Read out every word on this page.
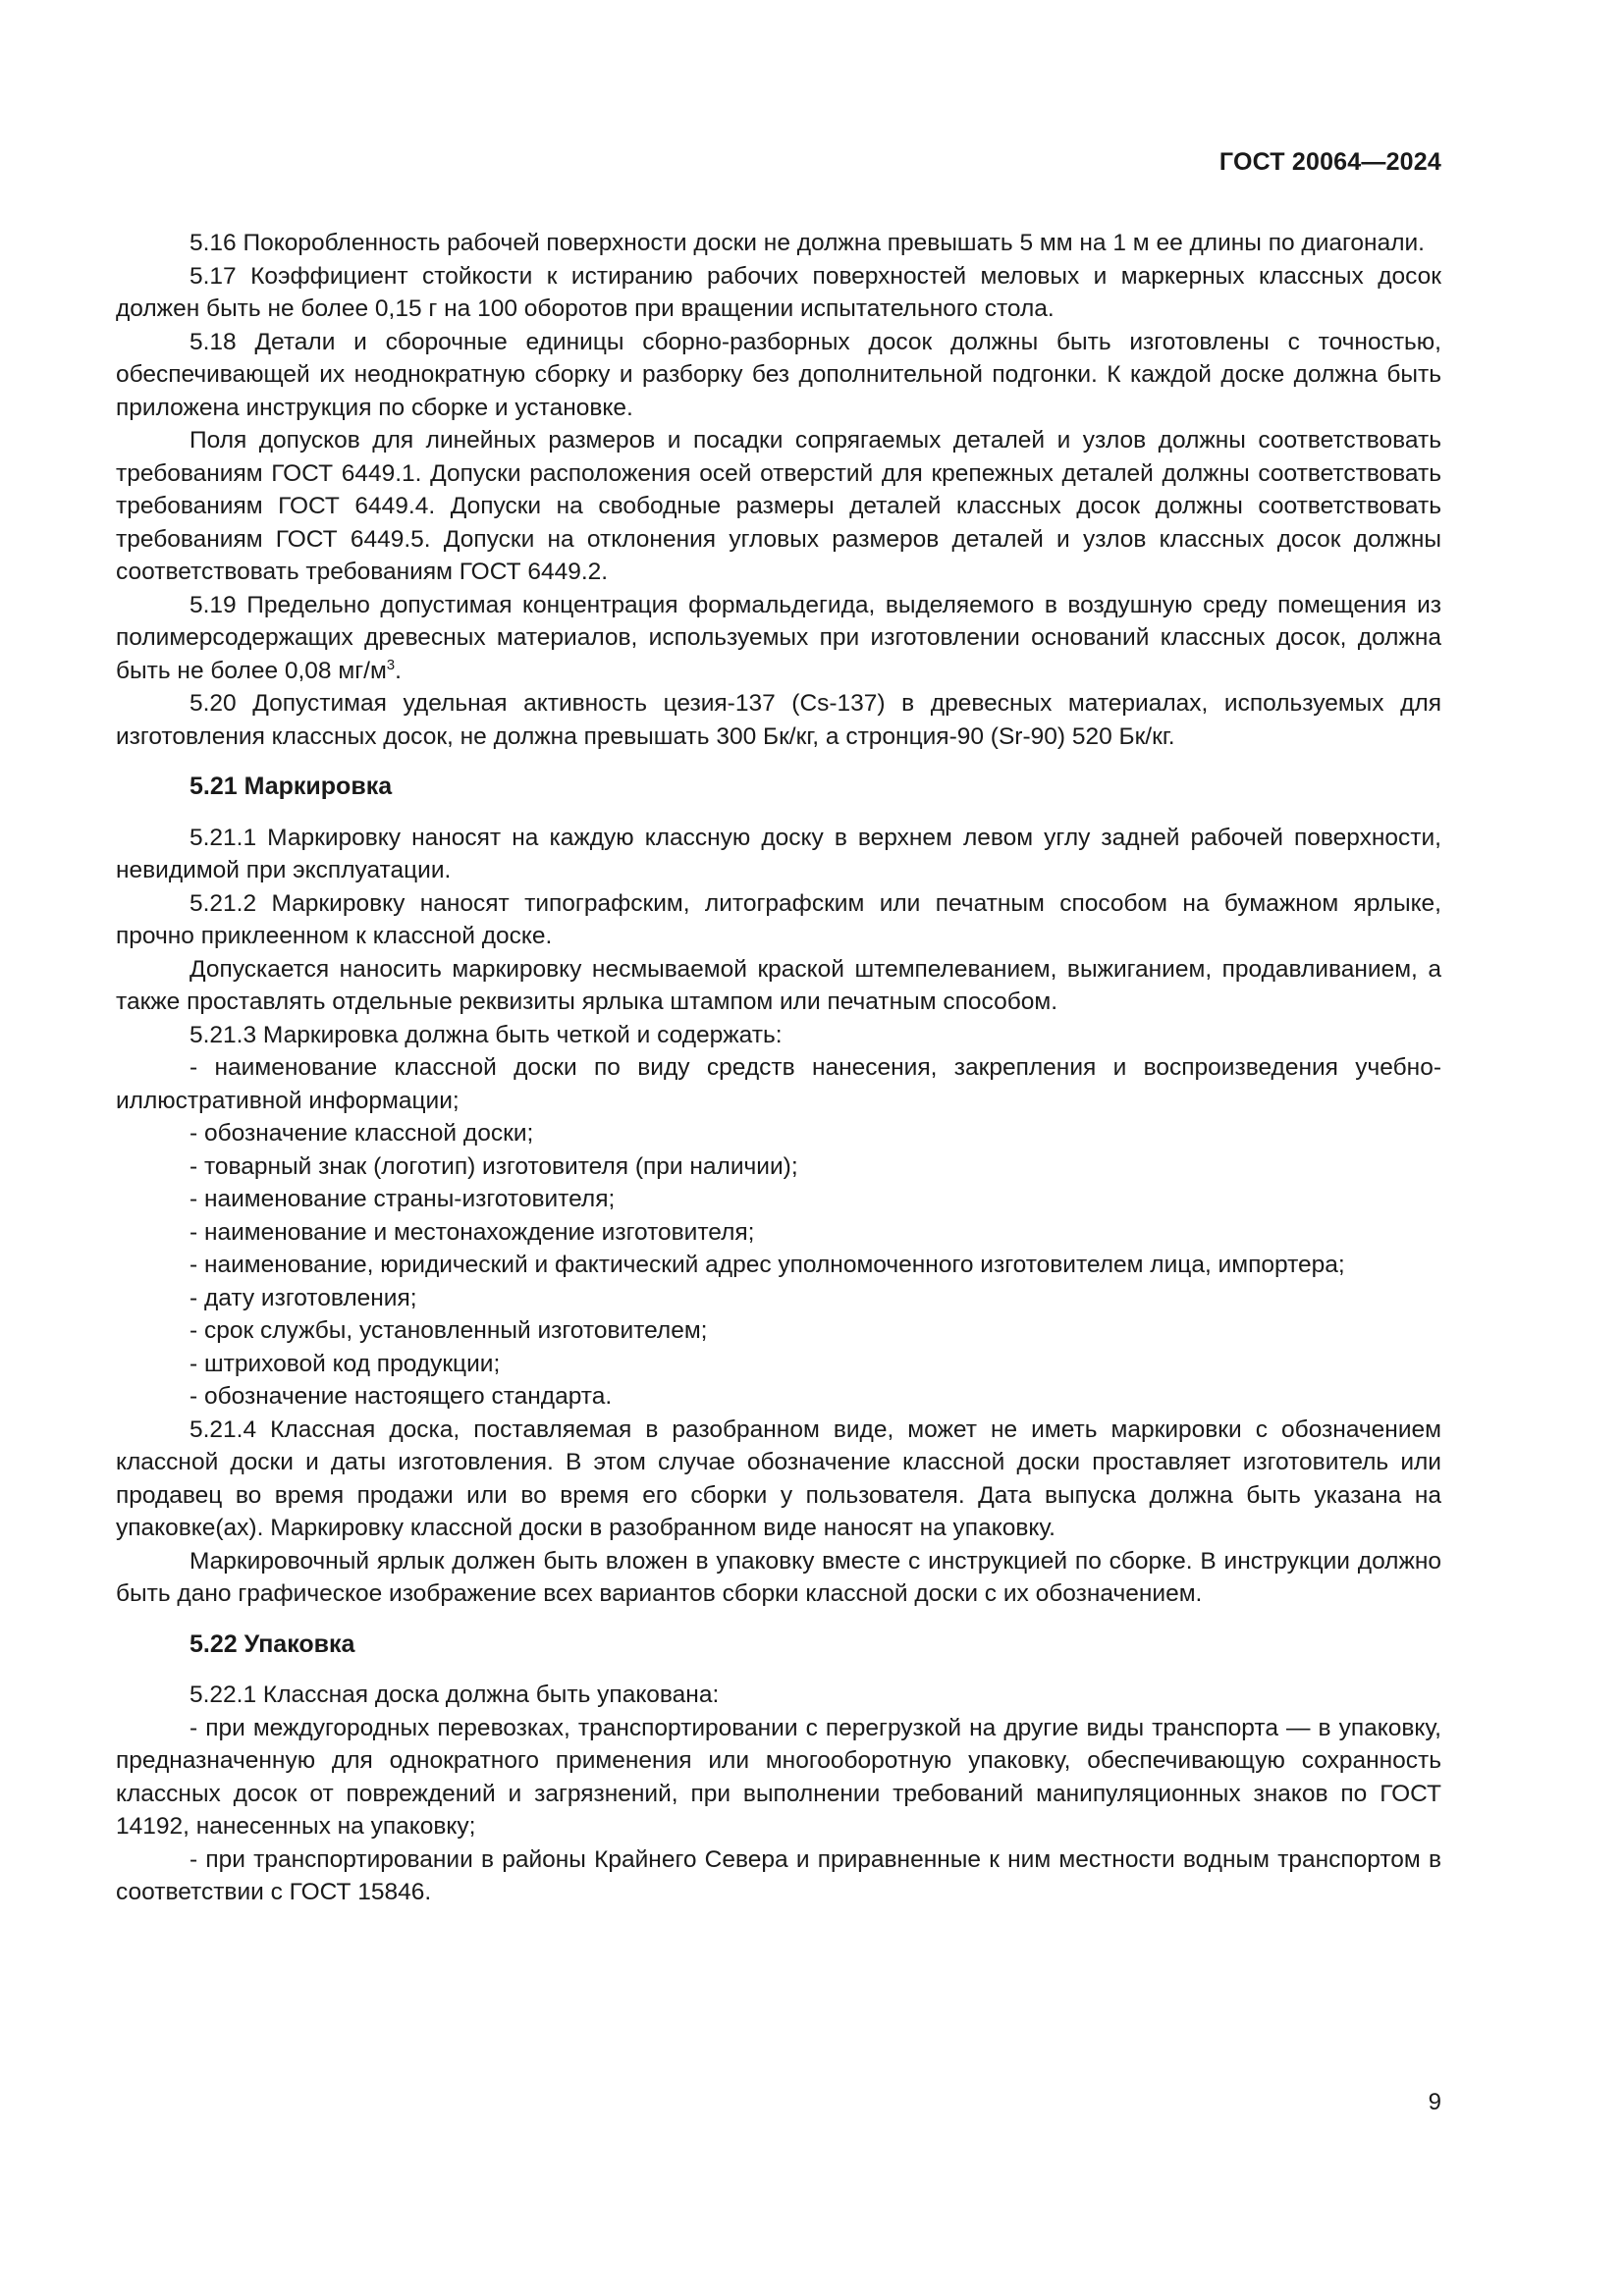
ГОСТ 20064—2024

5.16 Покоробленность рабочей поверхности доски не должна превышать 5 мм на 1 м ее длины по диагонали.

5.17 Коэффициент стойкости к истиранию рабочих поверхностей меловых и маркерных классных досок должен быть не более 0,15 г на 100 оборотов при вращении испытательного стола.

5.18 Детали и сборочные единицы сборно-разборных досок должны быть изготовлены с точностью, обеспечивающей их неоднократную сборку и разборку без дополнительной подгонки. К каждой доске должна быть приложена инструкция по сборке и установке.

Поля допусков для линейных размеров и посадки сопрягаемых деталей и узлов должны соответствовать требованиям ГОСТ 6449.1. Допуски расположения осей отверстий для крепежных деталей должны соответствовать требованиям ГОСТ 6449.4. Допуски на свободные размеры деталей классных досок должны соответствовать требованиям ГОСТ 6449.5. Допуски на отклонения угловых размеров деталей и узлов классных досок должны соответствовать требованиям ГОСТ 6449.2.

5.19 Предельно допустимая концентрация формальдегида, выделяемого в воздушную среду помещения из полимерсодержащих древесных материалов, используемых при изготовлении оснований классных досок, должна быть не более 0,08 $мг/м^3$.

5.20 Допустимая удельная активность цезия-137 (Cs-137) в древесных материалах, используемых для изготовления классных досок, не должна превышать 300 Бк/кг, а стронция-90 (Sr-90) 520 Бк/кг.

5.21 Маркировка

5.21.1 Маркировку наносят на каждую классную доску в верхнем левом углу задней рабочей поверхности, невидимой при эксплуатации.

5.21.2 Маркировку наносят типографским, литографским или печатным способом на бумажном ярлыке, прочно приклеенном к классной доске.

Допускается наносить маркировку несмываемой краской штемпелеванием, выжиганием, продавливанием, а также проставлять отдельные реквизиты ярлыка штампом или печатным способом.

5.21.3 Маркировка должна быть четкой и содержать:

- наименование классной доски по виду средств нанесения, закрепления и воспроизведения учебно-иллюстративной информации;

- обозначение классной доски;

- товарный знак (логотип) изготовителя (при наличии);

- наименование страны-изготовителя;

- наименование и местонахождение изготовителя;

- наименование, юридический и фактический адрес уполномоченного изготовителем лица, импортера;

- дату изготовления;

- срок службы, установленный изготовителем;

- штриховой код продукции;

- обозначение настоящего стандарта.

5.21.4 Классная доска, поставляемая в разобранном виде, может не иметь маркировки с обозначением классной доски и даты изготовления. В этом случае обозначение классной доски проставляет изготовитель или продавец во время продажи или во время его сборки у пользователя. Дата выпуска должна быть указана на упаковке(ах). Маркировку классной доски в разобранном виде наносят на упаковку.

Маркировочный ярлык должен быть вложен в упаковку вместе с инструкцией по сборке. В инструкции должно быть дано графическое изображение всех вариантов сборки классной доски с их обозначением.

5.22 Упаковка

5.22.1 Классная доска должна быть упакована:

- при междугородных перевозках, транспортировании с перегрузкой на другие виды транспорта — в упаковку, предназначенную для однократного применения или многооборотную упаковку, обеспечивающую сохранность классных досок от повреждений и загрязнений, при выполнении требований манипуляционных знаков по ГОСТ 14192, нанесенных на упаковку;

- при транспортировании в районы Крайнего Севера и приравненные к ним местности водным транспортом в соответствии с ГОСТ 15846.

9
